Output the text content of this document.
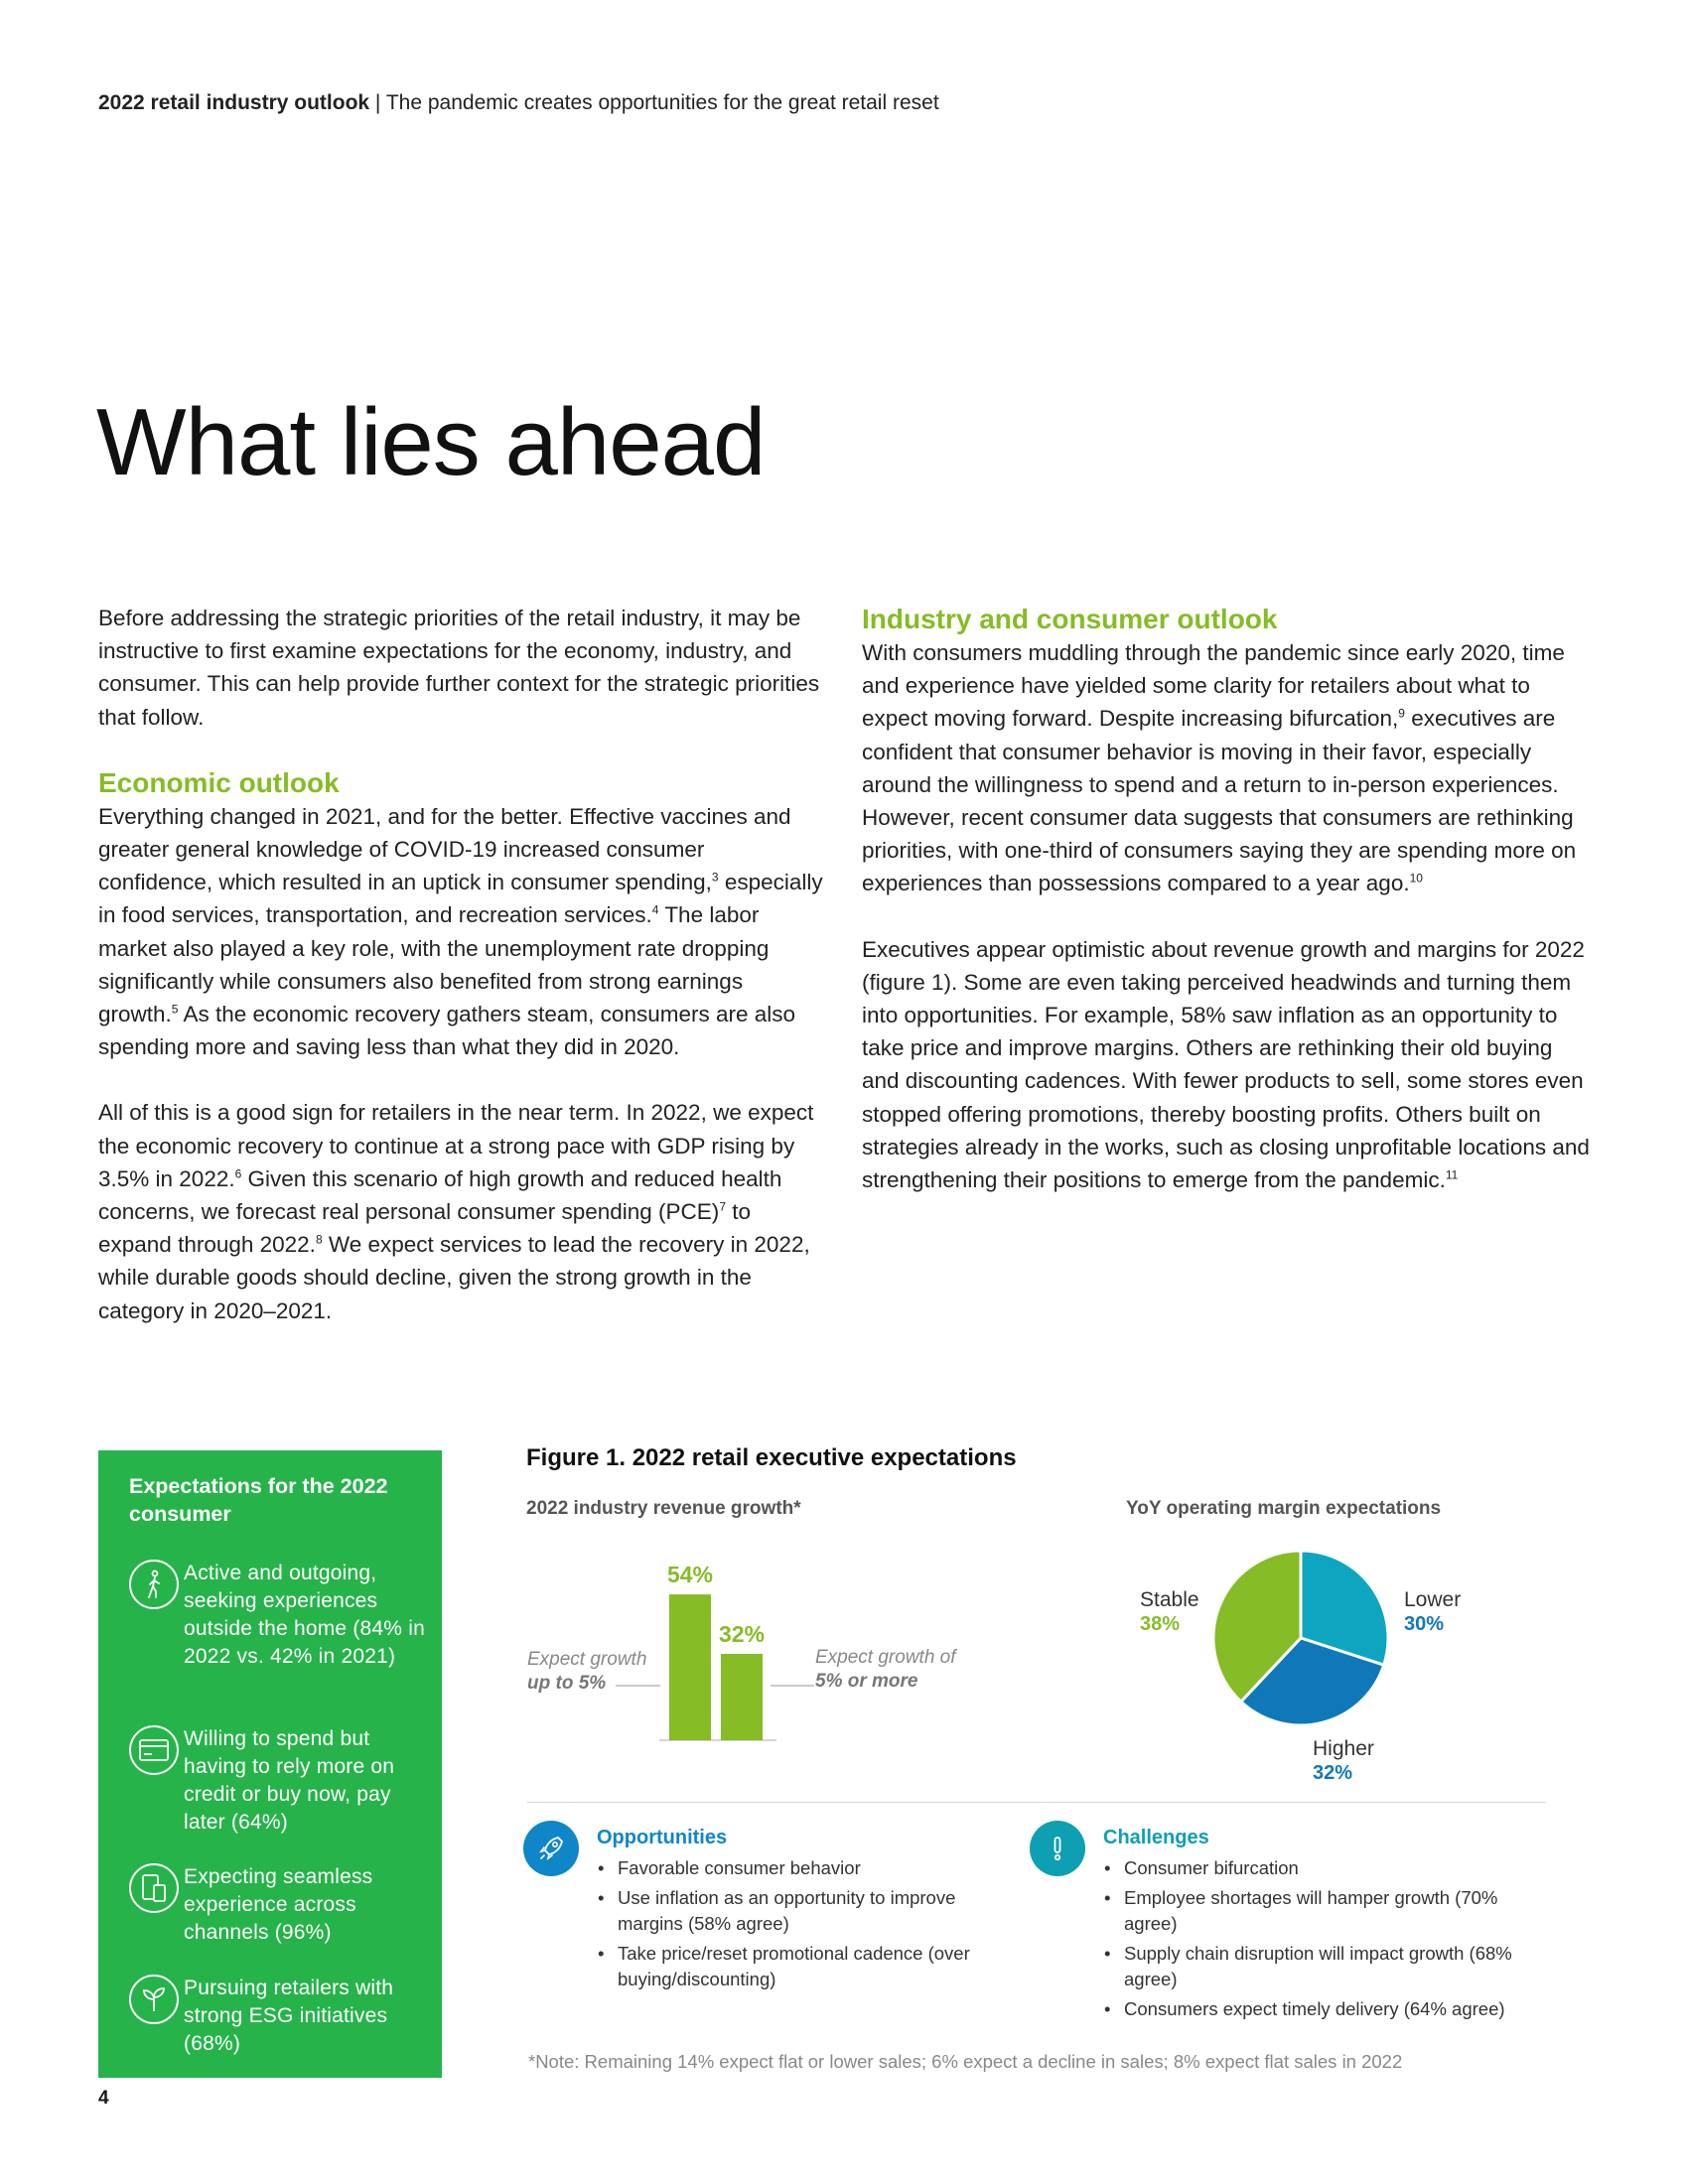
2022 retail industry outlook | The pandemic creates opportunities for the great retail reset
What lies ahead

Before addressing the strategic priorities of the retail industry, it may be instructive to first examine expectations for the economy, industry, and consumer. This can help provide further context for the strategic priorities that follow.

Economic outlook

Everything changed in 2021, and for the better. Effective vaccines and greater general knowledge of COVID-19 increased consumer confidence, which resulted in an uptick in consumer spending,$^3$ especially in food services, transportation, and recreation services.$^4$ The labor market also played a key role, with the unemployment rate dropping significantly while consumers also benefited from strong earnings growth.$^5$ As the economic recovery gathers steam, consumers are also spending more and saving less than what they did in 2020.

All of this is a good sign for retailers in the near term. In 2022, we expect the economic recovery to continue at a strong pace with GDP rising by 3.5% in 2022.$^6$ Given this scenario of high growth and reduced health concerns, we forecast real personal consumer spending (PCE)$^7$ to expand through 2022.$^8$ We expect services to lead the recovery in 2022, while durable goods should decline, given the strong growth in the category in 2020–2021.

Industry and consumer outlook

With consumers muddling through the pandemic since early 2020, time and experience have yielded some clarity for retailers about what to expect moving forward. Despite increasing bifurcation,$^9$ executives are confident that consumer behavior is moving in their favor, especially around the willingness to spend and a return to in-person experiences. However, recent consumer data suggests that consumers are rethinking priorities, with one-third of consumers saying they are spending more on experiences than possessions compared to a year ago.$^{10}$

Executives appear optimistic about revenue growth and margins for 2022 (figure 1). Some are even taking perceived headwinds and turning them into opportunities. For example, 58% saw inflation as an opportunity to take price and improve margins. Others are rethinking their old buying and discounting cadences. With fewer products to sell, some stores even stopped offering promotions, thereby boosting profits. Others built on strategies already in the works, such as closing unprofitable locations and strengthening their positions to emerge from the pandemic.$^{11}$

Expectations for the 2022 consumer
Active and outgoing, seeking experiences outside the home (84% in 2022 vs. 42% in 2021)
Willing to spend but having to rely more on credit or buy now, pay later (64%)
Expecting seamless experience across channels (96%)
Pursuing retailers with strong ESG initiatives (68%)
4
Figure 1. 2022 retail executive expectations
2022 industry revenue growth*	YoY operating margin expectations
54%
32%
Expect growth
up to 5%
Expect growth of
5% or more
Stable
38%
Lower
30%
Higher
32%
Opportunities
• Favorable consumer behavior
• Use inflation as an opportunity to improve margins (58% agree)
• Take price/reset promotional cadence (over buying/discounting)
Challenges
• Consumer bifurcation
• Employee shortages will hamper growth (70% agree)
• Supply chain disruption will impact growth (68% agree)
• Consumers expect timely delivery (64% agree)
*Note: Remaining 14% expect flat or lower sales; 6% expect a decline in sales; 8% expect flat sales in 2022
